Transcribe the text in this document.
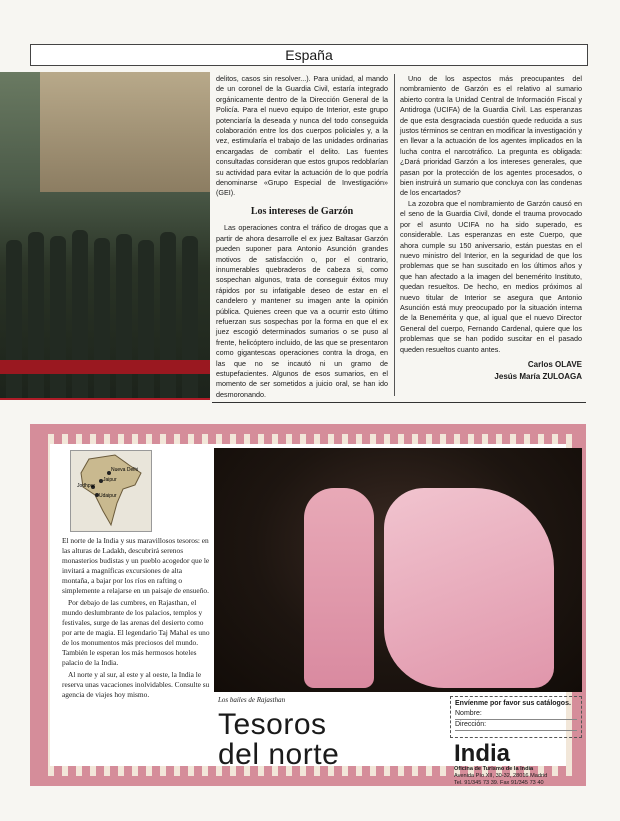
España

delitos, casos sin resolver...). Para unidad, al mando de un coronel de la Guardia Civil, estaría integrado orgánicamente dentro de la Dirección General de la Policía. Para el nuevo equipo de Interior, este grupo potenciaría la deseada y nunca del todo conseguida colaboración entre los dos cuerpos policiales y, a la vez, estimularía el trabajo de las unidades ordinarias encargadas de combatir el delito. Las fuentes consultadas consideran que estos grupos redoblarían su actividad para evitar la actuación de lo que podría denominarse «Grupo Especial de Investigación» (GEI).

Los intereses de Garzón

Las operaciones contra el tráfico de drogas que a partir de ahora desarrolle el ex juez Baltasar Garzón pueden suponer para Antonio Asunción grandes motivos de satisfacción o, por el contrario, innumerables quebraderos de cabeza si, como sospechan algunos, trata de conseguir éxitos muy rápidos por su infatigable deseo de estar en el candelero y mantener su imagen ante la opinión pública. Quienes creen que va a ocurrir esto último refuerzan sus sospechas por la forma en que el ex juez escogió determinados sumarios o se puso al frente, helicóptero incluido, de las que se presentaron como gigantescas operaciones contra la droga, en las que no se incautó ni un gramo de estupefacientes. Algunos de esos sumarios, en el momento de ser sometidos a juicio oral, se han ido desmoronando.

Uno de los aspectos más preocupantes del nombramiento de Garzón es el relativo al sumario abierto contra la Unidad Central de Información Fiscal y Antidroga (UCIFA) de la Guardia Civil. Las esperanzas de que esta desgraciada cuestión quede reducida a sus justos términos se centran en modificar la investigación y en llevar a la actuación de los agentes implicados en la lucha contra el narcotráfico. La pregunta es obligada: ¿Dará prioridad Garzón a los intereses generales, que pasan por la protección de los agentes procesados, o bien instruirá un sumario que concluya con las condenas de los encartados?

La zozobra que el nombramiento de Garzón causó en el seno de la Guardia Civil, donde el trauma provocado por el asunto UCIFA no ha sido superado, es considerable. Las esperanzas en este Cuerpo, que ahora cumple su 150 aniversario, están puestas en el nuevo ministro del Interior, en la seguridad de que los problemas que se han suscitado en los últimos años y que han afectado a la imagen del benemérito Instituto, quedan resueltos. De hecho, en medios próximos al nuevo titular de Interior se asegura que Antonio Asunción está muy preocupado por la situación interna de la Benemérita y que, al igual que el nuevo Director General del cuerpo, Fernando Cardenal, quiere que los problemas que se han podido suscitar en el pasado queden resueltos cuanto antes.

Carlos OLAVE
Jesús María ZULOAGA
Nueva Delhi
Jaipur
Jodhpur
Udaipur

El norte de la India y sus maravillosos tesoros: en las alturas de Ladakh, descubrirá serenos monasterios budistas y un pueblo acogedor que le invitará a magníficas excursiones de alta montaña, a bajar por los ríos en rafting o simplemente a relajarse en un paisaje de ensueño.

Por debajo de las cumbres, en Rajasthan, el mundo deslumbrante de los palacios, templos y festivales, surge de las arenas del desierto como por arte de magia. El legendario Taj Mahal es uno de los monumentos más preciosos del mundo. También le esperan los más hermosos hoteles palacio de la India.

Al norte y al sur, al este y al oeste, la India le reserva unas vacaciones inolvidables. Consulte su agencia de viajes hoy mismo.

Los bailes de Rajasthan
Tesoros
del norte
Envíenme por favor sus catálogos.
Nombre:
Dirección:
India
Oficina de Turismo de la India
Avenida Pío XII, 30-32, 28016 Madrid
Tel. 91/345 73 39. Fax 91/345 73 40
